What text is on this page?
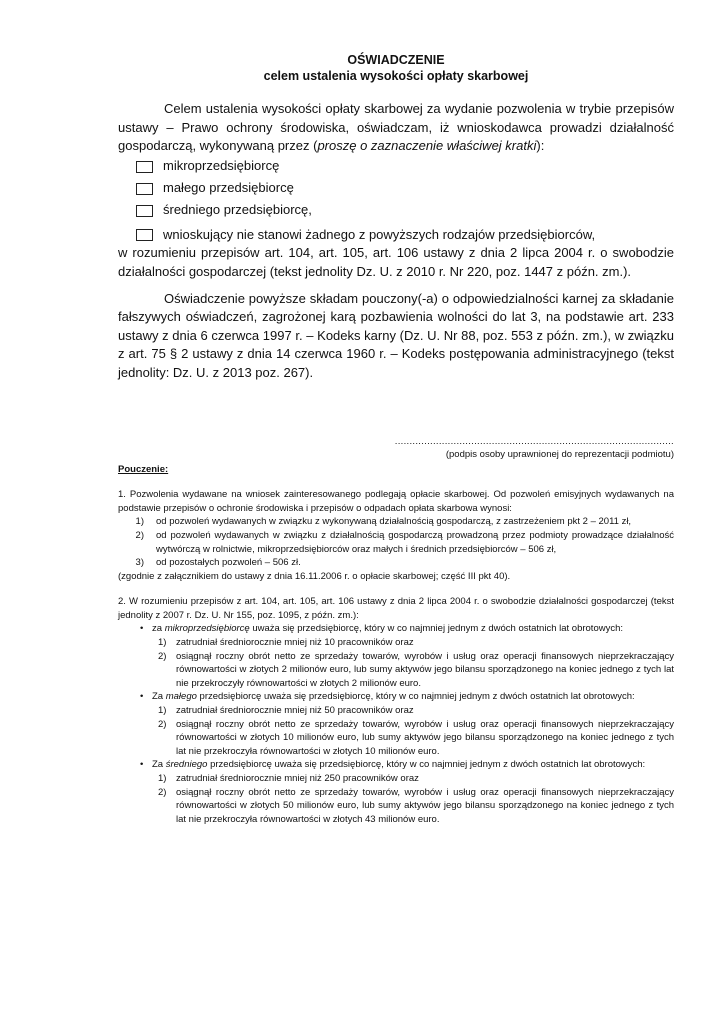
OŚWIADCZENIE
celem ustalenia wysokości opłaty skarbowej

Celem ustalenia wysokości opłaty skarbowej za wydanie pozwolenia w trybie przepisów ustawy – Prawo ochrony środowiska, oświadczam, iż wnioskodawca prowadzi działalność gospodarczą, wykonywaną przez (proszę o zaznaczenie właściwej kratki):

mikroprzedsiębiorcę
małego przedsiębiorcę
średniego przedsiębiorcę,
wnioskujący nie stanowi żadnego z powyższych rodzajów przedsiębiorców,

w rozumieniu przepisów art. 104, art. 105, art. 106 ustawy z dnia 2 lipca 2004 r. o swobodzie działalności gospodarczej (tekst jednolity Dz. U. z 2010 r. Nr 220, poz. 1447 z późn. zm.).

Oświadczenie powyższe składam pouczony(-a) o odpowiedzialności karnej za składanie fałszywych oświadczeń, zagrożonej karą pozbawienia wolności do lat 3, na podstawie art. 233 ustawy z dnia 6 czerwca 1997 r. – Kodeks karny (Dz. U. Nr 88, poz. 553 z późn. zm.), w związku z art. 75 § 2 ustawy z dnia 14 czerwca 1960 r. – Kodeks postępowania administracyjnego (tekst jednolity: Dz. U. z 2013 poz. 267).

...............................................................................................
(podpis osoby uprawnionej do reprezentacji podmiotu)
Pouczenie:
1. Pozwolenia wydawane na wniosek zainteresowanego podlegają opłacie skarbowej. Od pozwoleń emisyjnych wydawanych na podstawie przepisów o ochronie środowiska i przepisów o odpadach opłata skarbowa wynosi:
1) od pozwoleń wydawanych w związku z wykonywaną działalnością gospodarczą, z zastrzeżeniem pkt 2 – 2011 zł,
2) od pozwoleń wydawanych w związku z działalnością gospodarczą prowadzoną przez podmioty prowadzące działalność wytwórczą w rolnictwie, mikroprzedsiębiorców oraz małych i średnich przedsiębiorców – 506 zł,
3) od pozostałych pozwoleń – 506 zł.
(zgodnie z załącznikiem do ustawy z dnia 16.11.2006 r. o opłacie skarbowej; część III pkt 40).
2. W rozumieniu przepisów z art. 104, art. 105, art. 106 ustawy z dnia 2 lipca 2004 r. o swobodzie działalności gospodarczej (tekst jednolity z 2007 r. Dz. U. Nr 155, poz. 1095, z późn. zm.):
• za mikroprzedsiębiorcę uważa się przedsiębiorcę, który w co najmniej jednym z dwóch ostatnich lat obrotowych:
1)	zatrudniał średniorocznie mniej niż 10 pracowników oraz
2)	osiągnął roczny obrót netto ze sprzedaży towarów, wyrobów i usług oraz operacji finansowych nieprzekraczający równowartości w złotych 2 milionów euro, lub sumy aktywów jego bilansu sporządzonego na koniec jednego z tych lat nie przekroczyły równowartości w złotych 2 milionów euro.
• Za małego przedsiębiorcę uważa się przedsiębiorcę, który w co najmniej jednym z dwóch ostatnich lat obrotowych:
1)	zatrudniał średniorocznie mniej niż 50 pracowników oraz
2)	osiągnął roczny obrót netto ze sprzedaży towarów, wyrobów i usług oraz operacji finansowych nieprzekraczający równowartości w złotych 10 milionów euro, lub sumy aktywów jego bilansu sporządzonego na koniec jednego z tych lat nie przekroczyła równowartości w złotych 10 milionów euro.
• Za średniego przedsiębiorcę uważa się przedsiębiorcę, który w co najmniej jednym z dwóch ostatnich lat obrotowych:
1)	zatrudniał średniorocznie mniej niż 250 pracowników oraz
2)	osiągnął roczny obrót netto ze sprzedaży towarów, wyrobów i usług oraz operacji finansowych nieprzekraczający równowartości w złotych 50 milionów euro, lub sumy aktywów jego bilansu sporządzonego na koniec jednego z tych lat nie przekroczyła równowartości w złotych 43 milionów euro.
